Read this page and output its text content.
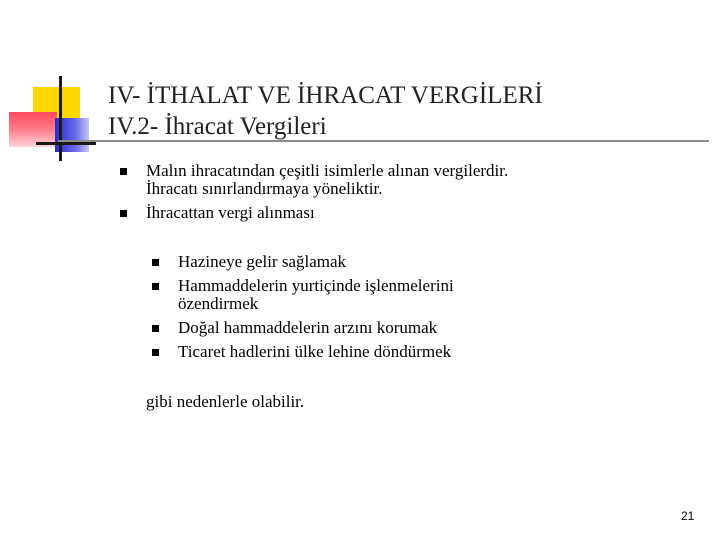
IV- İTHALAT VE İHRACAT VERGİLERİ
IV.2- İhracat Vergileri
Malın ihracatından çeşitli isimlerle alınan vergilerdir.
İhracatı sınırlandırmaya yöneliktir.
İhracattan vergi alınması
Hazineye gelir sağlamak
Hammaddelerin yurtiçinde işlenmelerini
özendirmek
Doğal hammaddelerin arzını korumak
Ticaret hadlerini ülke lehine döndürmek

gibi nedenlerle olabilir.

21
